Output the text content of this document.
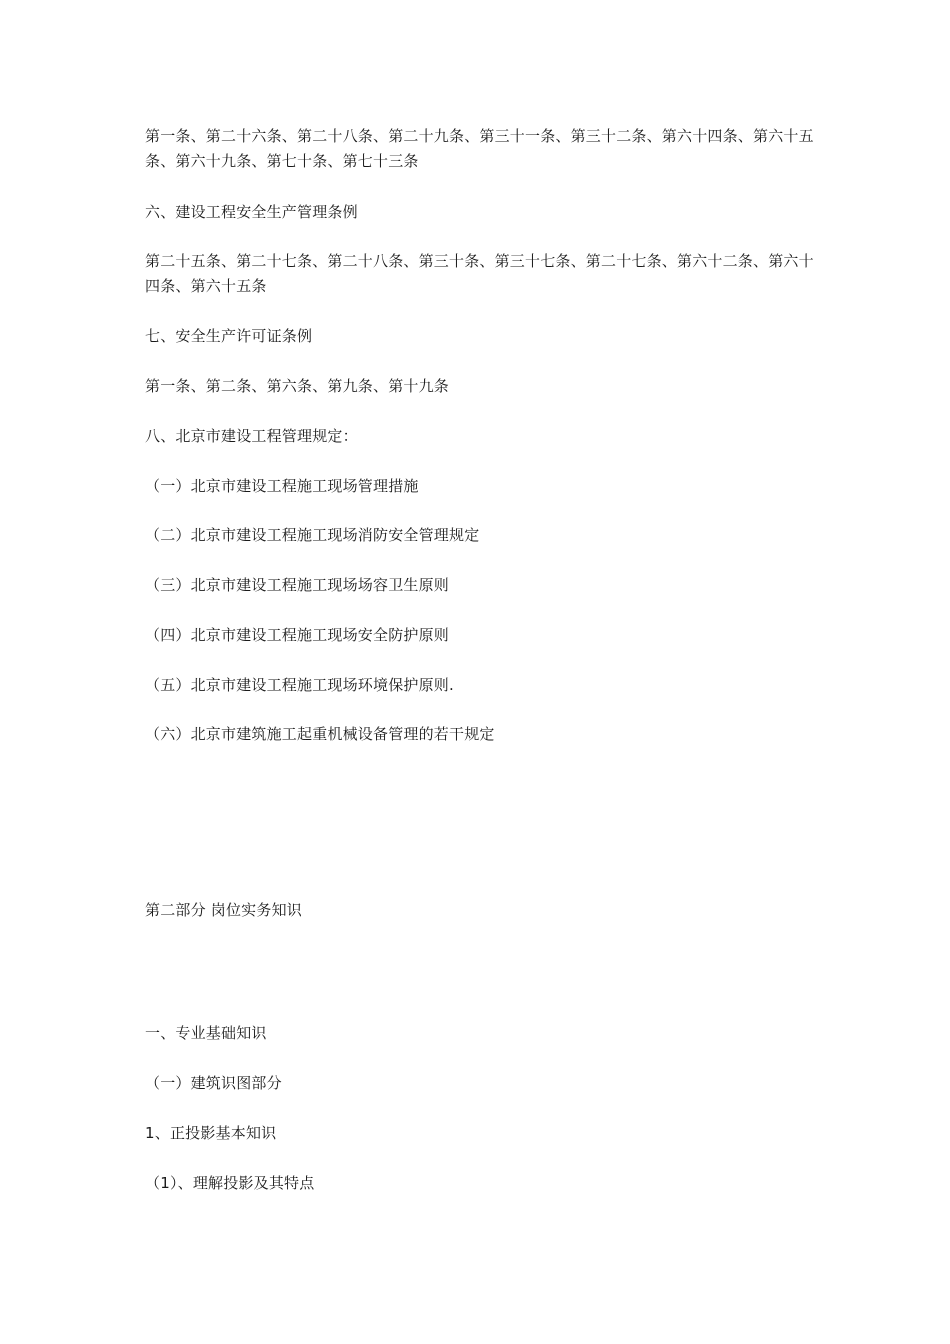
第一条、第二十六条、第二十八条、第二十九条、第三十一条、第三十二条、第六十四条、第六十五条、第六十九条、第七十条、第七十三条
六、建设工程安全生产管理条例
第二十五条、第二十七条、第二十八条、第三十条、第三十七条、第二十七条、第六十二条、第六十四条、第六十五条
七、安全生产许可证条例
第一条、第二条、第六条、第九条、第十九条
八、北京市建设工程管理规定：
（一）北京市建设工程施工现场管理措施
（二）北京市建设工程施工现场消防安全管理规定
（三）北京市建设工程施工现场场容卫生原则
（四）北京市建设工程施工现场安全防护原则
（五）北京市建设工程施工现场环境保护原则.
（六）北京市建筑施工起重机械设备管理的若干规定
第二部分 岗位实务知识
一、专业基础知识
（一）建筑识图部分
1、正投影基本知识
（1）、理解投影及其特点
